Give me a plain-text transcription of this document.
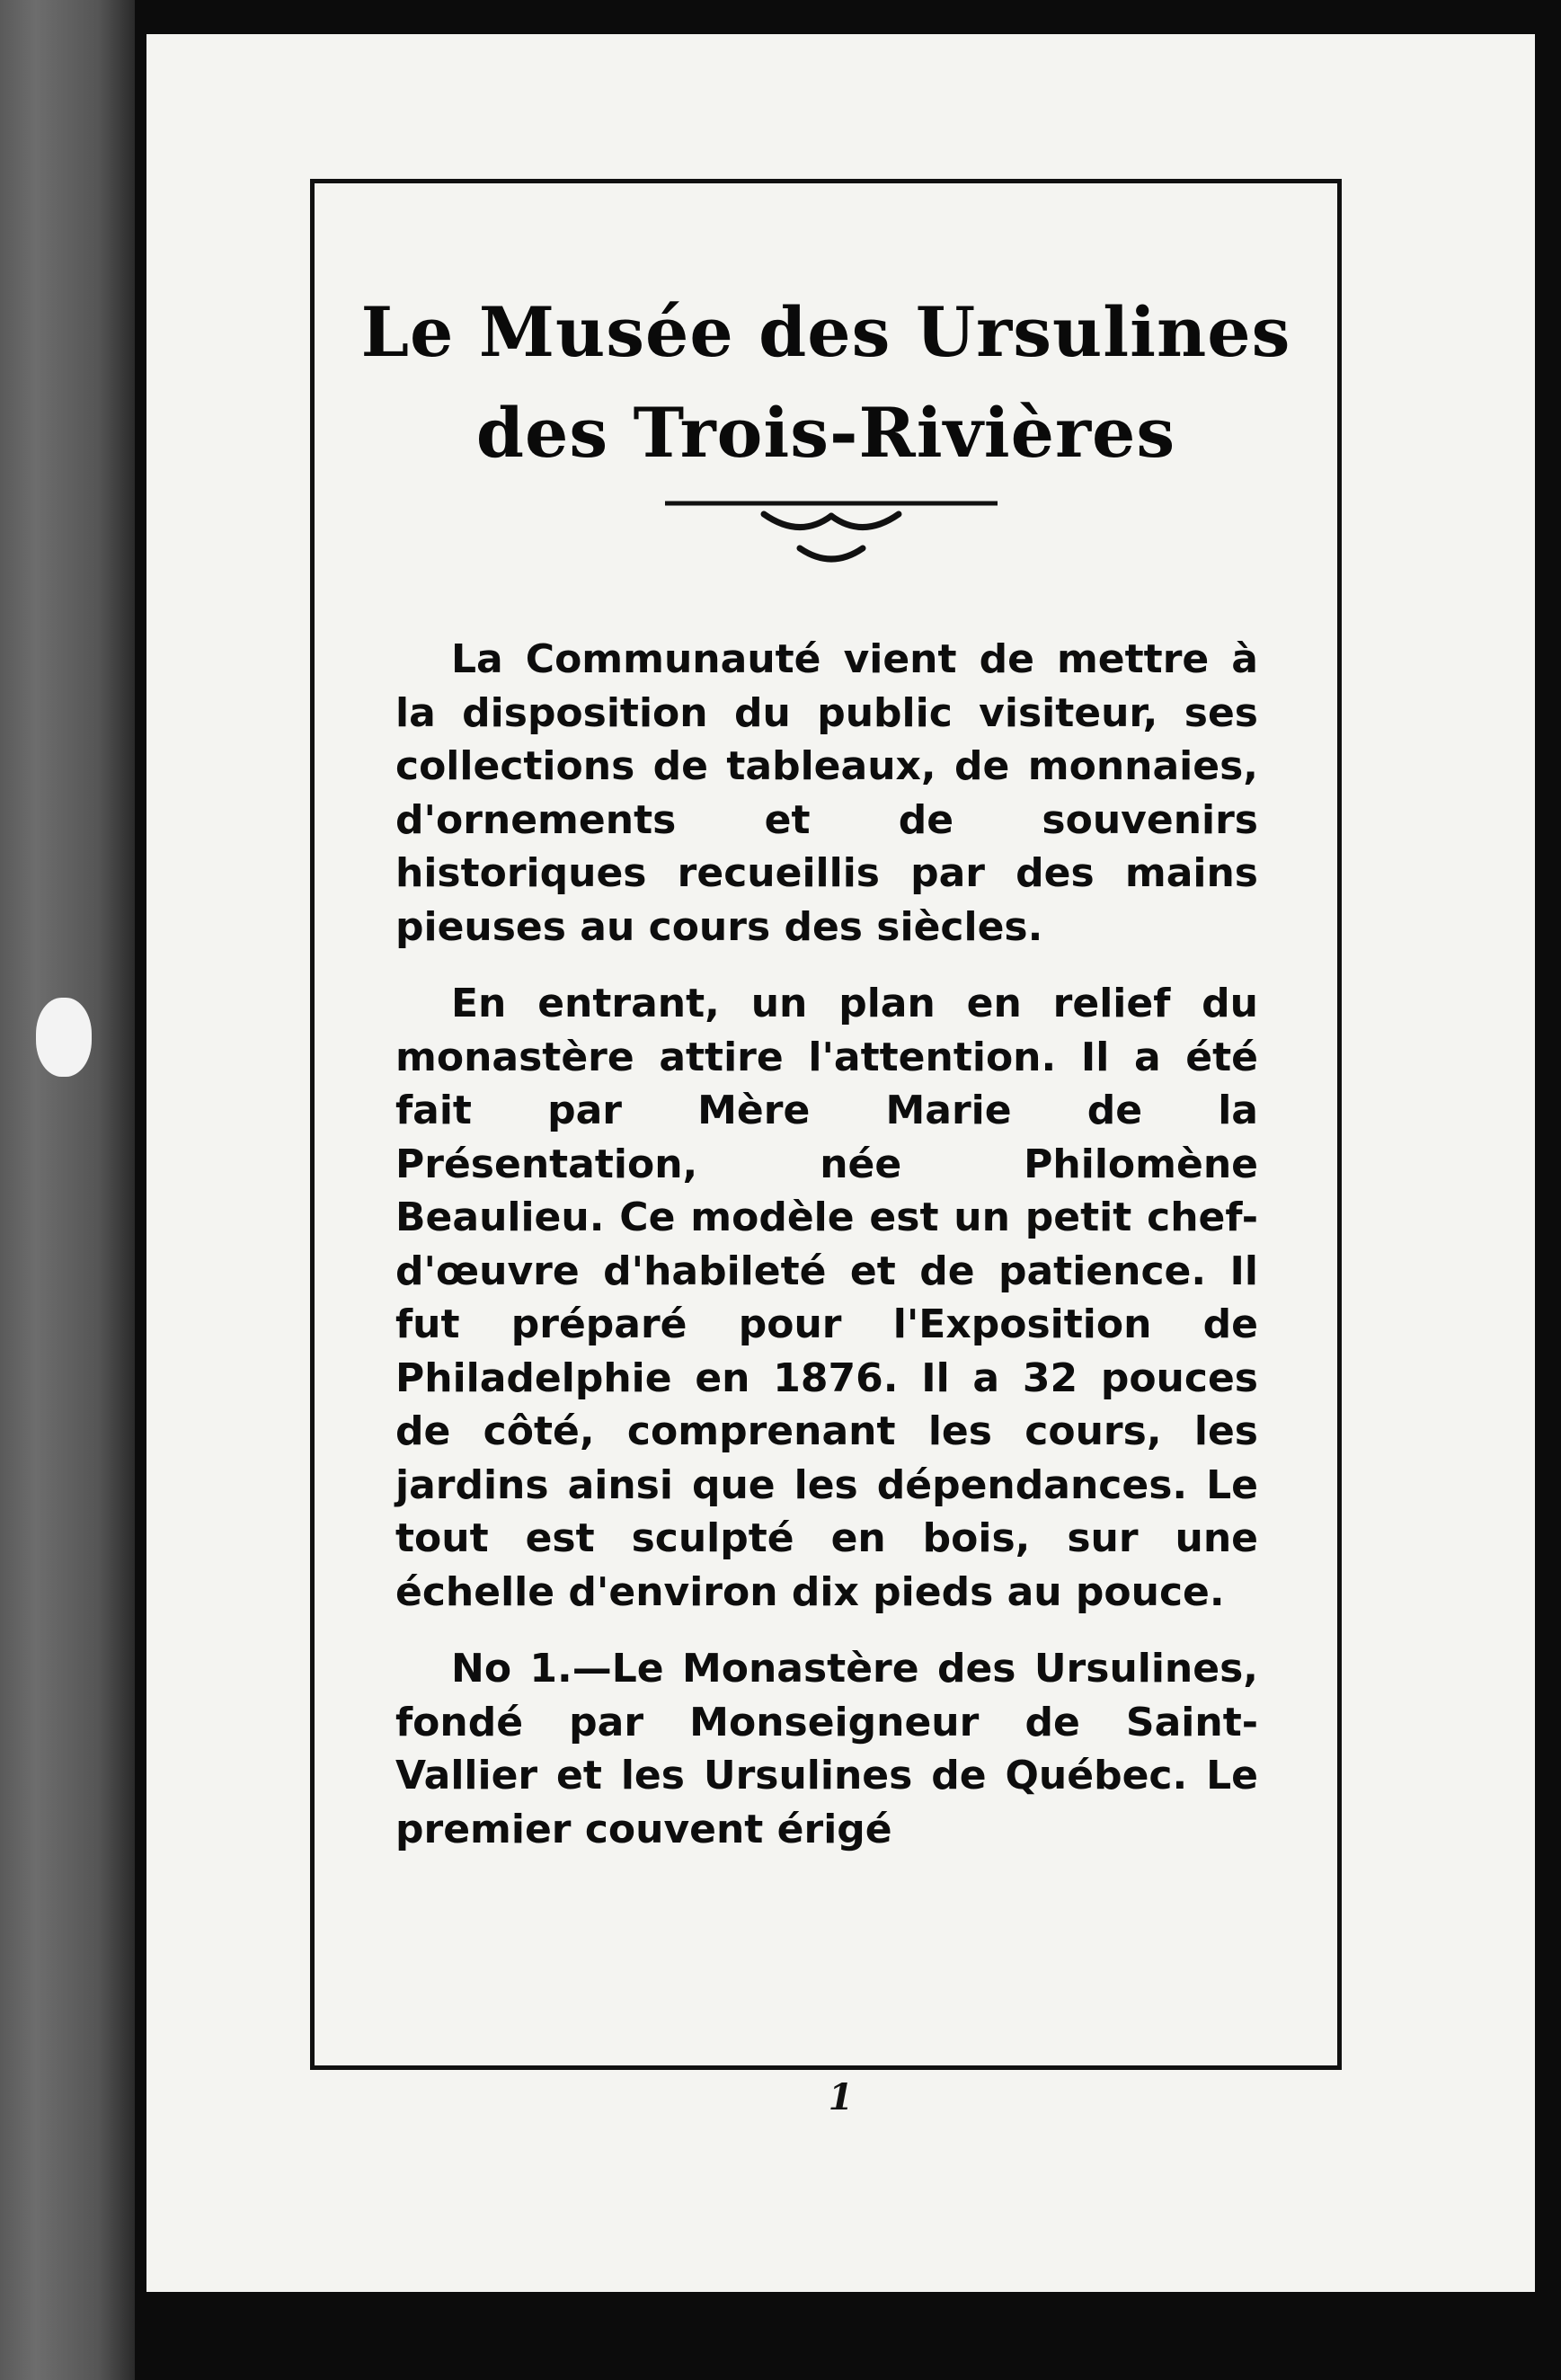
Le Musée des Ursulines
des Trois-Rivières

La Communauté vient de mettre à la disposition du public visiteur, ses collections de tableaux, de monnaies, d'ornements et de souvenirs historiques recueillis par des mains pieuses au cours des siècles.

En entrant, un plan en relief du monastère attire l'attention. Il a été fait par Mère Marie de la Présentation, née Philomène Beaulieu. Ce modèle est un petit chef-d'œuvre d'habileté et de patience. Il fut préparé pour l'Exposition de Philadelphie en 1876. Il a 32 pouces de côté, comprenant les cours, les jardins ainsi que les dépendances. Le tout est sculpté en bois, sur une échelle d'environ dix pieds au pouce.

No 1.—Le Monastère des Ursulines, fondé par Monseigneur de Saint-Vallier et les Ursulines de Québec. Le premier couvent érigé

1
